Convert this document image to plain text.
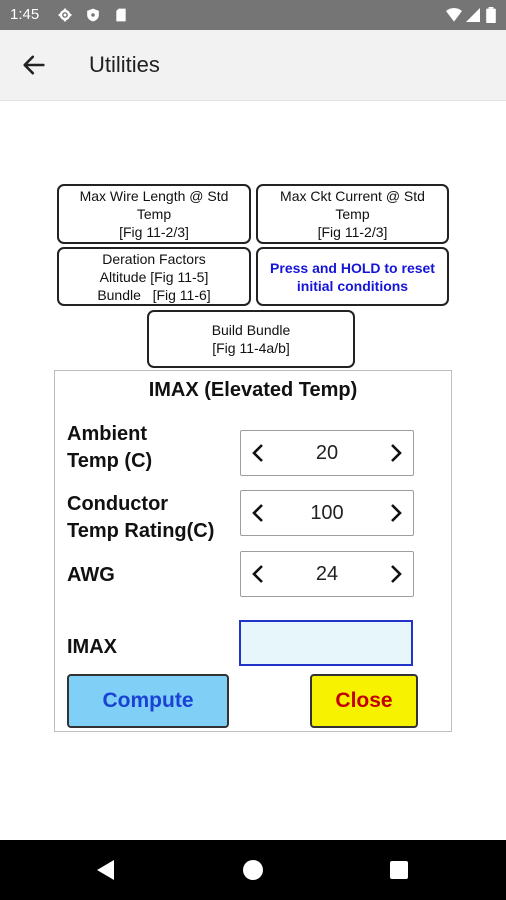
1:45
Utilities
Max Wire Length @ Std
Temp
[Fig 11-2/3]
Max Ckt Current @ Std
Temp
[Fig 11-2/3]
Deration Factors
Altitude [Fig 11-5]
Bundle   [Fig 11-6]
Press and HOLD to reset
initial conditions
Build Bundle
[Fig 11-4a/b]
IMAX (Elevated Temp)
Ambient
Temp (C)	20
Conductor
Temp Rating(C)
100
AWG	24
IMAX
Compute	Close
